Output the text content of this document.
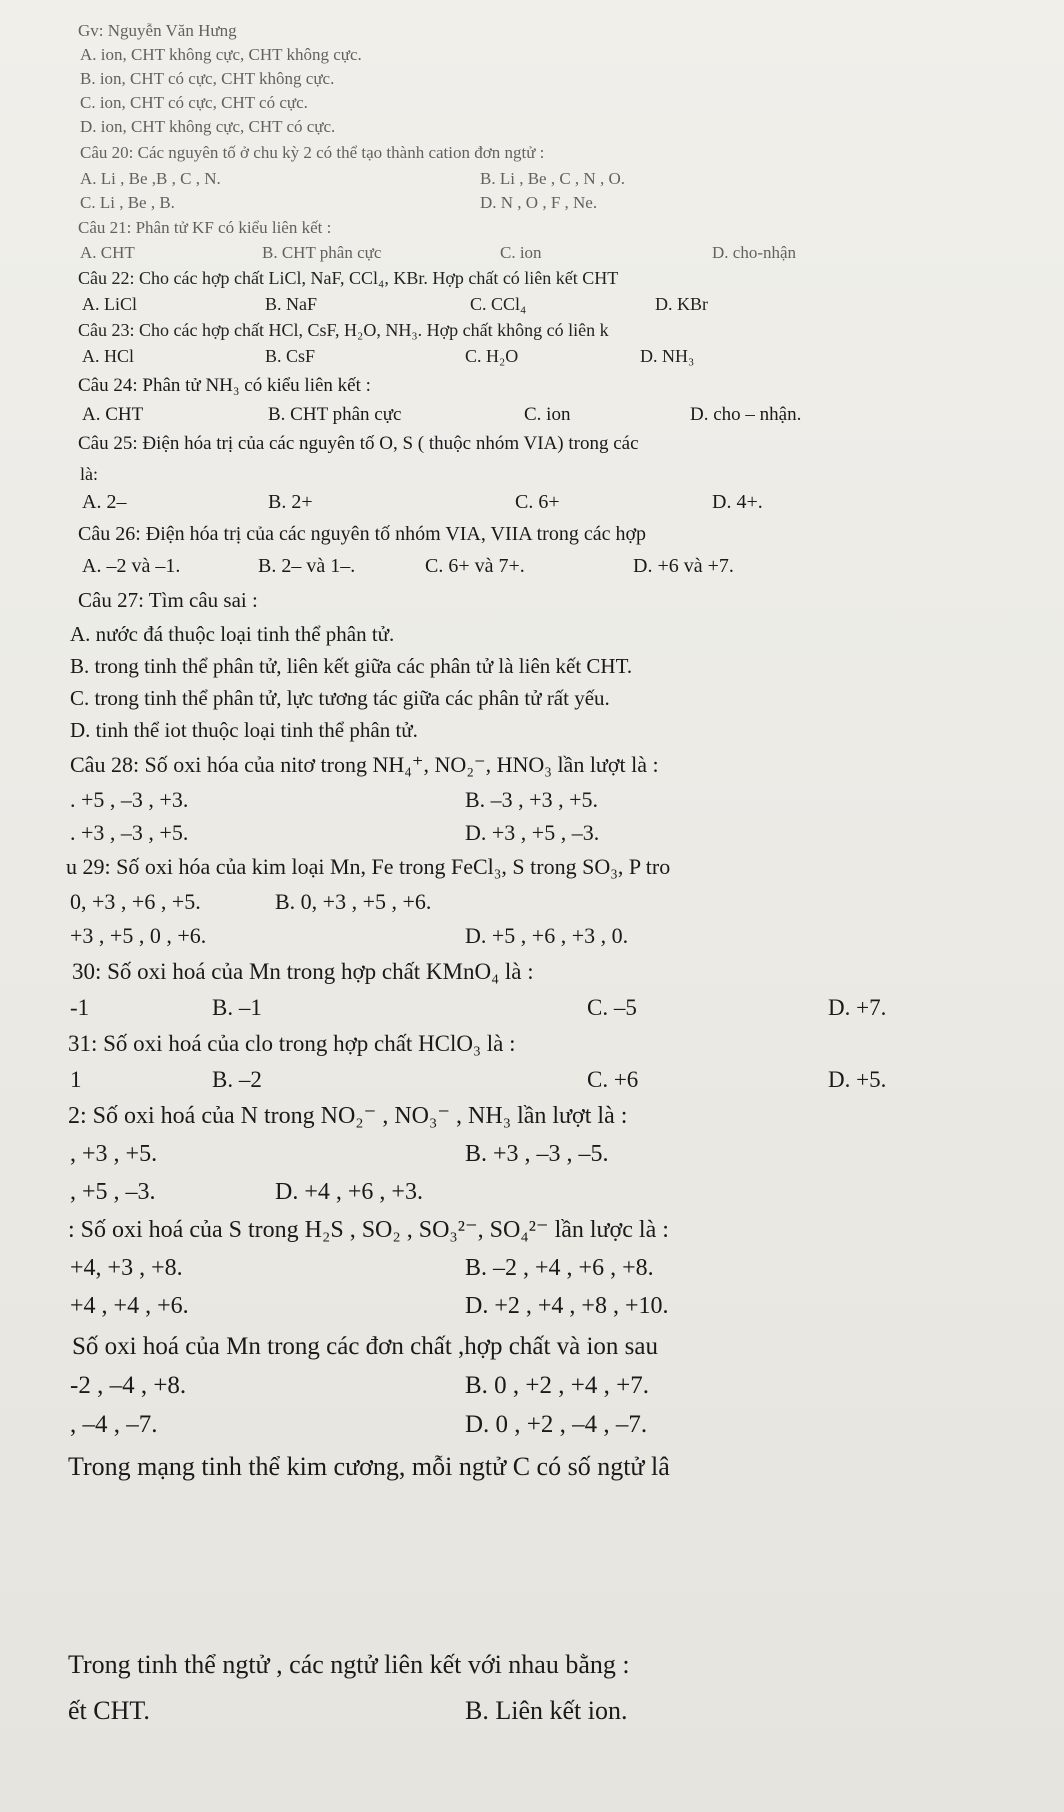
Gv: Nguyễn Văn Hưng
A. ion, CHT không cực, CHT không cực.
B. ion, CHT có cực, CHT không cực.
C. ion, CHT có cực, CHT có cực.
D. ion, CHT không cực, CHT có cực.
Câu 20: Các nguyên tố ở chu kỳ 2 có thể tạo thành cation đơn ngtử :
A. Li , Be ,B , C , N.	B. Li , Be , C , N , O.
C. Li , Be , B.	D. N , O , F , Ne.
Câu 21: Phân tử KF có kiểu liên kết :
A. CHT	B. CHT phân cực	C. ion	D. cho-nhận
Câu 22: Cho các hợp chất LiCl, NaF, CCl₄, KBr. Hợp chất có liên kết CHT
A. LiCl	B. NaF	C. CCl₄	D. KBr
Câu 23: Cho các hợp chất HCl, CsF, H₂O, NH₃. Hợp chất không có liên k
A. HCl	B. CsF	C. H₂O	D. NH₃
Câu 24: Phân tử NH₃ có kiểu liên kết :
A. CHT	B. CHT phân cực	C. ion	D. cho – nhận.
Câu 25: Điện hóa trị của các nguyên tố O, S ( thuộc nhóm VIA) trong các
là:
A. 2–	B. 2+	C. 6+	D. 4+.
Câu 26: Điện hóa trị của các nguyên tố nhóm VIA, VIIA trong các hợp
A. –2 và –1.	B. 2– và 1–.	C. 6+ và 7+.	D. +6 và +7.
Câu 27: Tìm câu sai :
A. nước đá thuộc loại tinh thể phân tử.
B. trong tinh thể phân tử, liên kết giữa các phân tử là liên kết CHT.
C. trong tinh thể phân tử, lực tương tác giữa các phân tử rất yếu.
D. tinh thể iot thuộc loại tinh thể phân tử.
Câu 28: Số oxi hóa của nitơ trong NH₄⁺, NO₂⁻, HNO₃ lần lượt là :
. +5 , –3 , +3.	B. –3 , +3 , +5.
. +3 , –3 , +5.	D. +3 , +5 , –3.
u 29: Số oxi hóa của kim loại Mn, Fe trong FeCl₃, S trong SO₃, P tro
0, +3 , +6 , +5.	B. 0, +3 , +5 , +6.
+3 , +5 , 0 , +6.	D. +5 , +6 , +3 , 0.
30: Số oxi hoá của Mn trong hợp chất KMnO₄ là :
-1	B. –1	C. –5	D. +7.
31: Số oxi hoá của clo trong hợp chất HClO₃ là :
1	B. –2	C. +6	D. +5.
2: Số oxi hoá của N trong NO₂⁻ , NO₃⁻ , NH₃ lần lượt là :
, +3 , +5.	B. +3 , –3 , –5.
, +5 , –3.	D. +4 , +6 , +3.
: Số oxi hoá của S trong H₂S , SO₂ , SO₃²⁻, SO₄²⁻ lần lược là :
+4, +3 , +8.	B. –2 , +4 , +6 , +8.
+4 , +4 , +6.	D. +2 , +4 , +8 , +10.
Số oxi hoá của Mn trong các đơn chất ,hợp chất và ion sau
-2 , –4 , +8.	B. 0 , +2 , +4 , +7.
, –4 , –7.	D. 0 , +2 , –4 , –7.
Trong mạng tinh thể kim cương, mỗi ngtử C có số ngtử lâ
Trong tinh thể ngtử , các ngtử liên kết với nhau bằng :
ết CHT.	B. Liên kết ion.
